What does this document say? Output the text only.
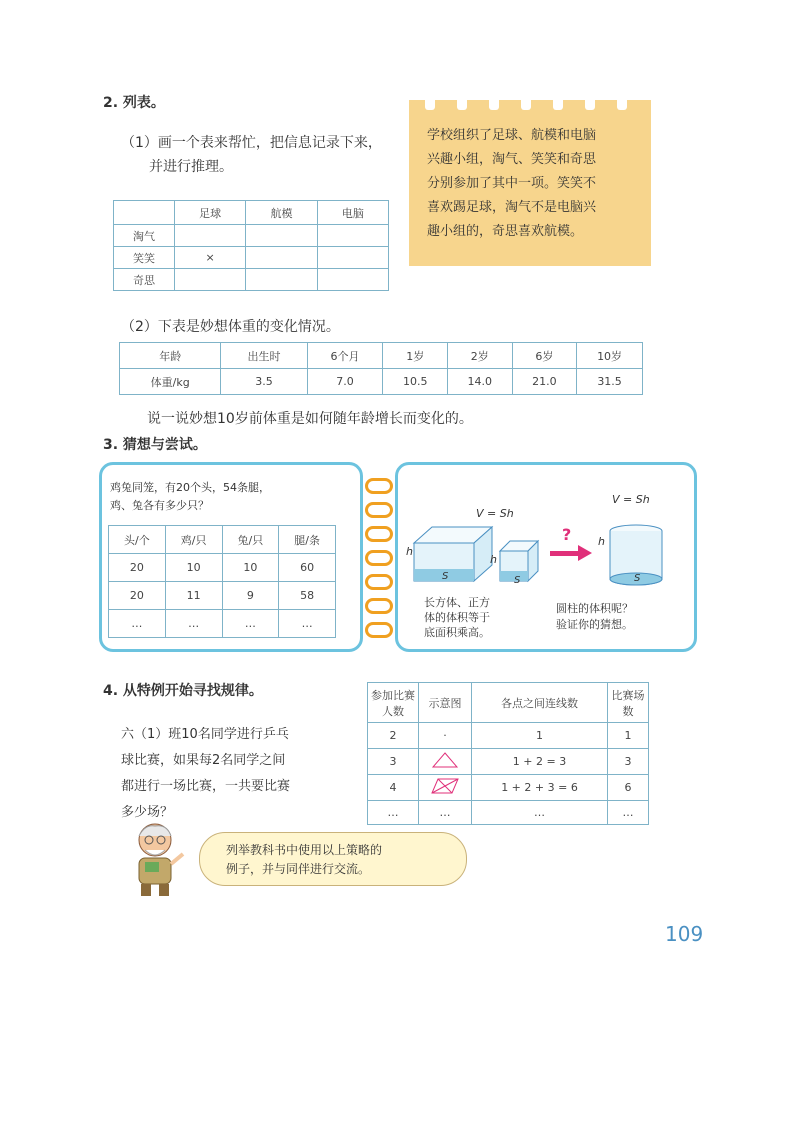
2. 列表。
（1）画一个表来帮忙，把信息记录下来，
并进行推理。
学校组织了足球、航模和电脑
兴趣小组，淘气、笑笑和奇思
分别参加了其中一项。笑笑不
喜欢踢足球，淘气不是电脑兴
趣小组的，奇思喜欢航模。
	足球	航模	电脑
淘气			
笑笑	×		
奇思			
（2）下表是妙想体重的变化情况。
年龄	出生时	6个月	1岁	2岁	6岁	10岁
体重/kg	3.5	7.0	10.5	14.0	21.0	31.5
说一说妙想10岁前体重是如何随年龄增长而变化的。
3. 猜想与尝试。
鸡兔同笼，有20个头，54条腿，
鸡、兔各有多少只？
头/个	鸡/只	兔/只	腿/条
20	10	10	60
20	11	9	58
…	…	…	…
V = Sh
V = Sh
h
h
h
S	S	S
?
长方体、正方
体的体积等于
底面积乘高。
圆柱的体积呢？
验证你的猜想。
4. 从特例开始寻找规律。
六（1）班10名同学进行乒乓
球比赛，如果每2名同学之间
都进行一场比赛，一共要比赛
多少场？
参加比赛人数	示意图	各点之间连线数	比赛场数
2	·	1	1
3		1 + 2 = 3	3
4		1 + 2 + 3 = 6	6
…	…	…	…
列举教科书中使用以上策略的
例子，并与同伴进行交流。
109
